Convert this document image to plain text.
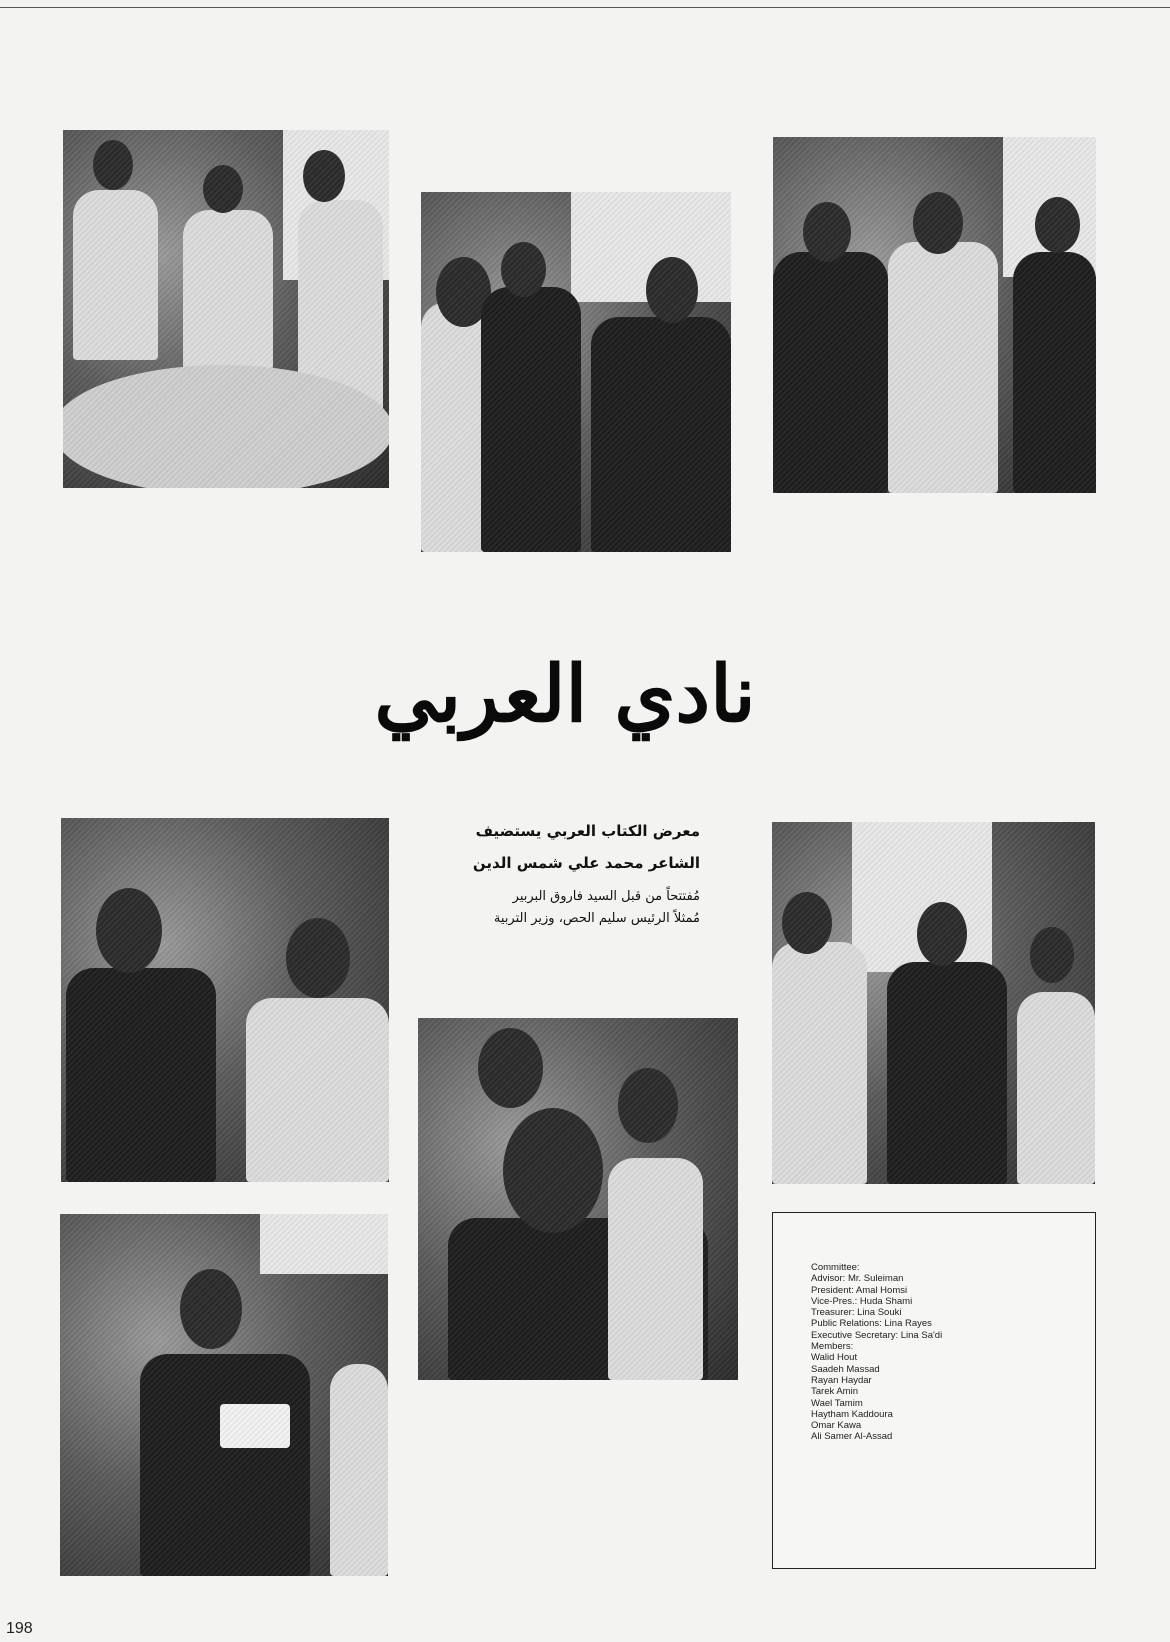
نادي العربي
معرض الكتاب العربي يستضيف
الشاعر محمد علي شمس الدين
مُفتتحاً من قبل السيد فاروق البربير
مُمثلاً الرئيس سليم الحص، وزير التربية
Committee:
Advisor: Mr. Suleiman
President: Amal Homsi
Vice-Pres.: Huda Shami
Treasurer: Lina Souki
Public Relations: Lina Rayes
Executive Secretary: Lina Sa'di
Members:
Walid Hout
Saadeh Massad
Rayan Haydar
Tarek Amin
Wael Tamim
Haytham Kaddoura
Omar Kawa
Ali Samer Al-Assad
198
